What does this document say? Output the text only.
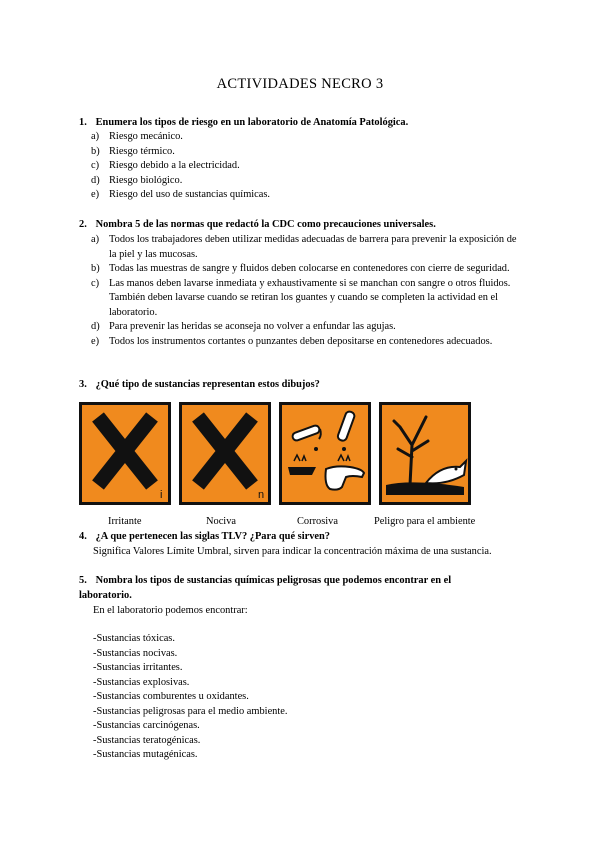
ACTIVIDADES NECRO 3
1. Enumera los tipos de riesgo en un laboratorio de Anatomía Patológica.
a) Riesgo mecánico.
b) Riesgo térmico.
c) Riesgo debido a la electricidad.
d) Riesgo biológico.
e) Riesgo del uso de sustancias químicas.
2. Nombra 5 de las normas que redactó la CDC como precauciones universales.
a) Todos los trabajadores deben utilizar medidas adecuadas de barrera para prevenir la exposición de la piel y las mucosas.
b) Todas las muestras de sangre y fluidos deben colocarse en contenedores con cierre de seguridad.
c) Las manos deben lavarse inmediata y exhaustivamente si se manchan con sangre o otros fluidos. También deben lavarse cuando se retiran los guantes y cuando se completen la actividad en el laboratorio.
d) Para prevenir las heridas se aconseja no volver a enfundar las agujas.
e) Todos los instrumentos cortantes o punzantes deben depositarse en contenedores adecuados.
3. ¿Qué tipo de sustancias representan estos dibujos?
i	n
Irritante	Nociva	Corrosiva	Peligro para el ambiente
4. ¿A que pertenecen las siglas TLV? ¿Para qué sirven?
Significa Valores Límite Umbral, sirven para indicar la concentración máxima de una sustancia.
5. Nombra los tipos de sustancias químicas peligrosas que podemos encontrar en el laboratorio.
En el laboratorio podemos encontrar:
-Sustancias tóxicas.
-Sustancias nocivas.
-Sustancias irritantes.
-Sustancias explosivas.
-Sustancias comburentes u oxidantes.
-Sustancias peligrosas para el medio ambiente.
-Sustancias carcinógenas.
-Sustancias teratogénicas.
-Sustancias mutagénicas.
